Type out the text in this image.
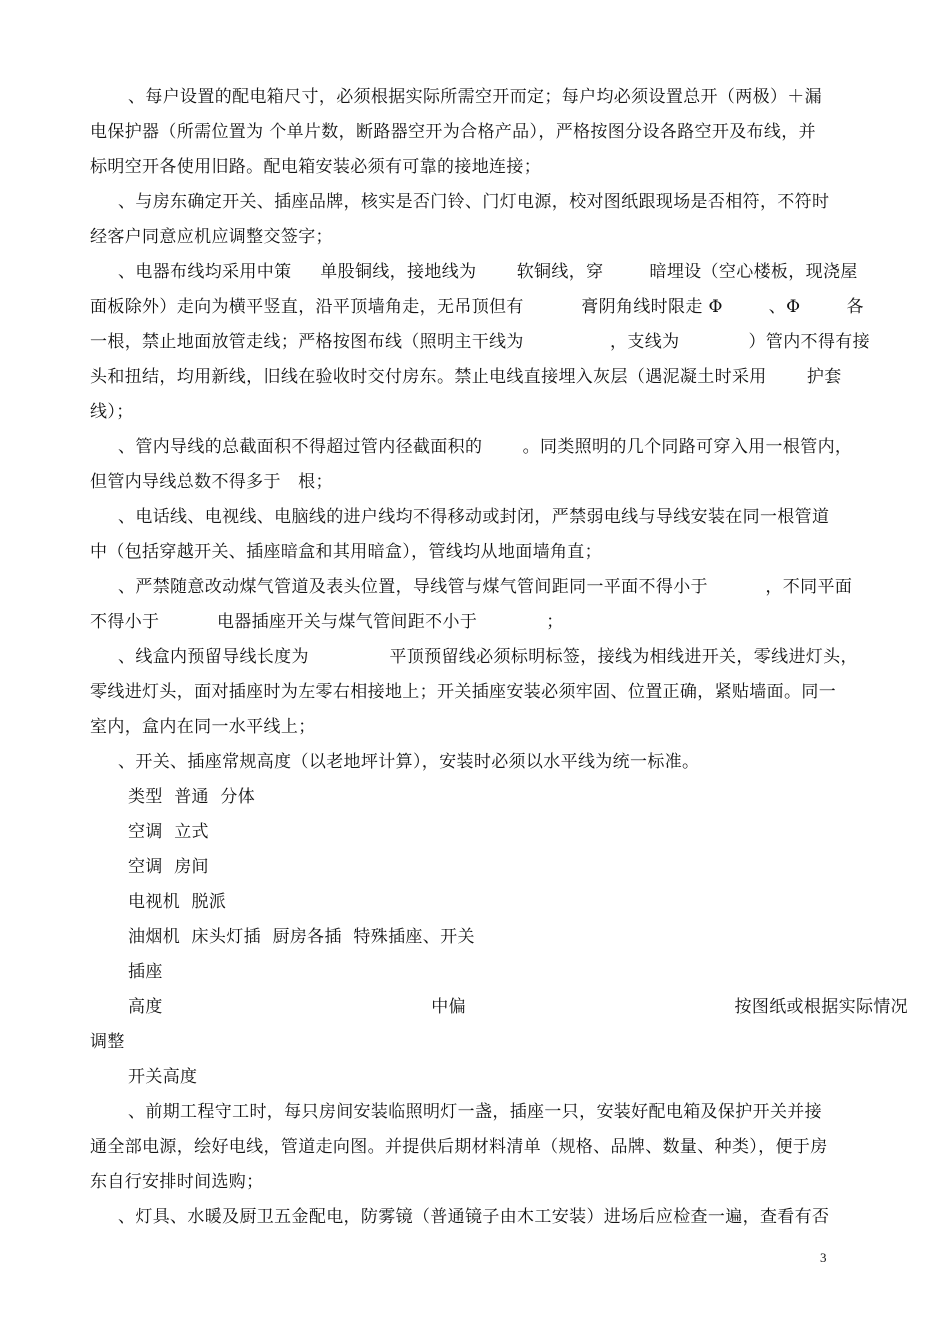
、每户设置的配电箱尺寸，必须根据实际所需空开而定；每户均必须设置总开（两极）＋漏
电保护器（所需位置为 个单片数，断路器空开为合格产品），严格按图分设各路空开及布线，并
标明空开各使用旧路。配电箱安装必须有可靠的接地连接；
、与房东确定开关、插座品牌，核实是否门铃、门灯电源，校对图纸跟现场是否相符，不符时
经客户同意应机应调整交签字；
、电器布线均采用中策     单股铜线，接地线为       软铜线，穿        暗埋设（空心楼板，现浇屋
面板除外）走向为横平竖直，沿平顶墙角走，无吊顶但有          膏阴角线时限走 Φ        、Φ        各
一根，禁止地面放管走线；严格按图布线（照明主干线为               ，支线为            ）管内不得有接
头和扭结，均用新线，旧线在验收时交付房东。禁止电线直接埋入灰层（遇泥凝土时采用       护套
线）；
、管内导线的总截面积不得超过管内径截面积的       。同类照明的几个同路可穿入用一根管内，
但管内导线总数不得多于   根；
、电话线、电视线、电脑线的进户线均不得移动或封闭，严禁弱电线与导线安装在同一根管道
中（包括穿越开关、插座暗盒和其用暗盒），管线均从地面墙角直；
、严禁随意改动煤气管道及表头位置，导线管与煤气管间距同一平面不得小于          ，不同平面
不得小于          电器插座开关与煤气管间距不小于            ；
、线盒内预留导线长度为              平顶预留线必须标明标签，接线为相线进开关，零线进灯头，
零线进灯头，面对插座时为左零右相接地上；开关插座安装必须牢固、位置正确，紧贴墙面。同一
室内，盒内在同一水平线上；
、开关、插座常规高度（以老地坪计算），安装时必须以水平线为统一标准。
类型  普通  分体
空调  立式
空调  房间
电视机  脱派
油烟机  床头灯插  厨房各插  特殊插座、开关
插座
高度	中偏	按图纸或根据实际情况
调整
开关高度
、前期工程守工时，每只房间安装临照明灯一盏，插座一只，安装好配电箱及保护开关并接
通全部电源，绘好电线，管道走向图。并提供后期材料清单（规格、品牌、数量、种类），便于房
东自行安排时间选购；
、灯具、水暖及厨卫五金配电，防雾镜（普通镜子由木工安装）进场后应检查一遍，查看有否
3
